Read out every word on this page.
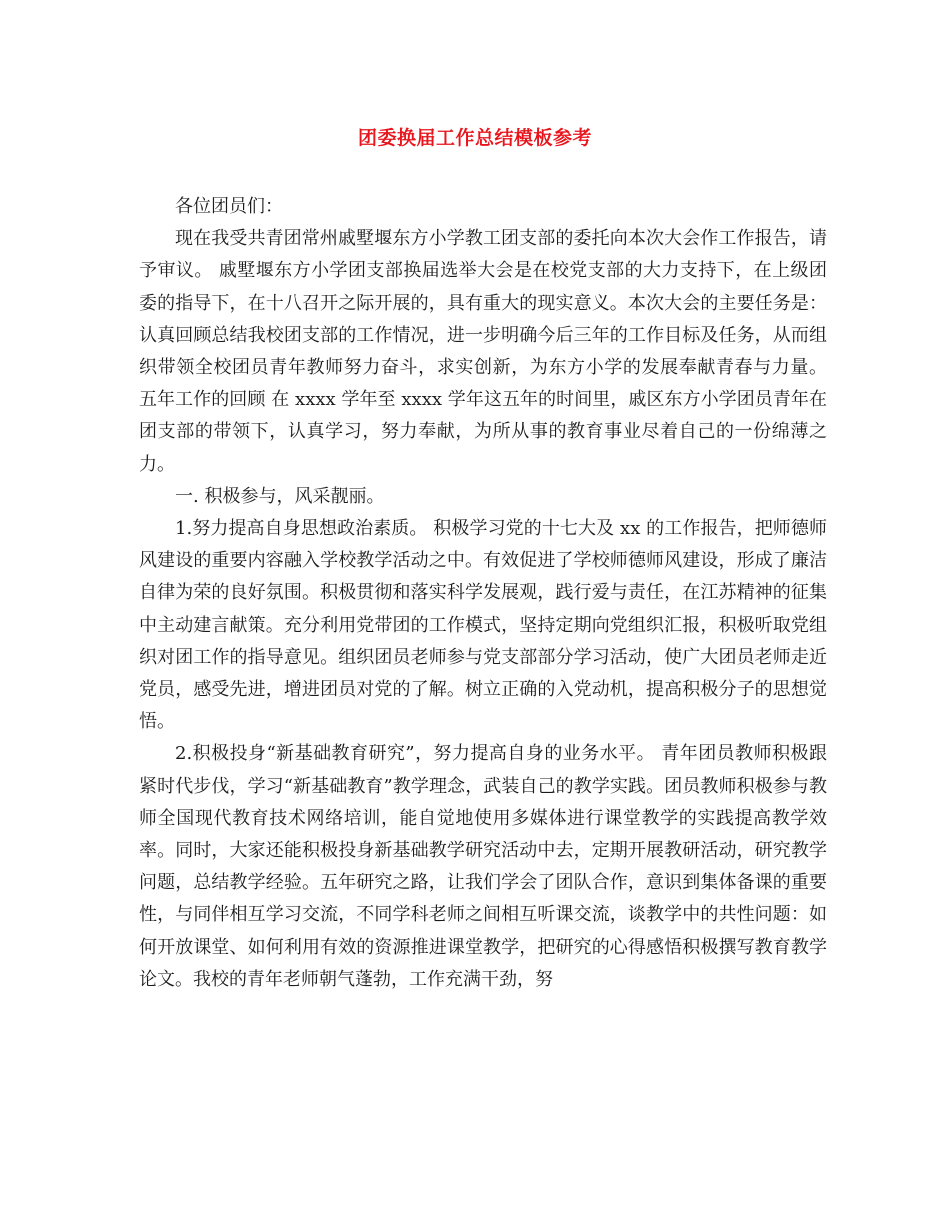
团委换届工作总结模板参考

各位团员们：

现在我受共青团常州戚墅堰东方小学教工团支部的委托向本次大会作工作报告，请予审议。 戚墅堰东方小学团支部换届选举大会是在校党支部的大力支持下，在上级团委的指导下，在十八召开之际开展的，具有重大的现实意义。本次大会的主要任务是：认真回顾总结我校团支部的工作情况，进一步明确今后三年的工作目标及任务，从而组织带领全校团员青年教师努力奋斗，求实创新，为东方小学的发展奉献青春与力量。 五年工作的回顾 在 xxxx 学年至 xxxx 学年这五年的时间里，戚区东方小学团员青年在团支部的带领下，认真学习，努力奉献，为所从事的教育事业尽着自己的一份绵薄之力。

一. 积极参与，风采靓丽。

1.努力提高自身思想政治素质。 积极学习党的十七大及 xx 的工作报告，把师德师风建设的重要内容融入学校教学活动之中。有效促进了学校师德师风建设，形成了廉洁自律为荣的良好氛围。积极贯彻和落实科学发展观，践行爱与责任，在江苏精神的征集中主动建言献策。充分利用党带团的工作模式，坚持定期向党组织汇报，积极听取党组织对团工作的指导意见。组织团员老师参与党支部部分学习活动，使广大团员老师走近党员，感受先进，增进团员对党的了解。树立正确的入党动机，提高积极分子的思想觉悟。

2.积极投身“新基础教育研究”，努力提高自身的业务水平。 青年团员教师积极跟紧时代步伐，学习“新基础教育”教学理念，武装自己的教学实践。团员教师积极参与教师全国现代教育技术网络培训，能自觉地使用多媒体进行课堂教学的实践提高教学效率。同时，大家还能积极投身新基础教学研究活动中去，定期开展教研活动，研究教学问题，总结教学经验。五年研究之路，让我们学会了团队合作，意识到集体备课的重要性，与同伴相互学习交流，不同学科老师之间相互听课交流，谈教学中的共性问题：如何开放课堂、如何利用有效的资源推进课堂教学，把研究的心得感悟积极撰写教育教学论文。我校的青年老师朝气蓬勃，工作充满干劲，努
